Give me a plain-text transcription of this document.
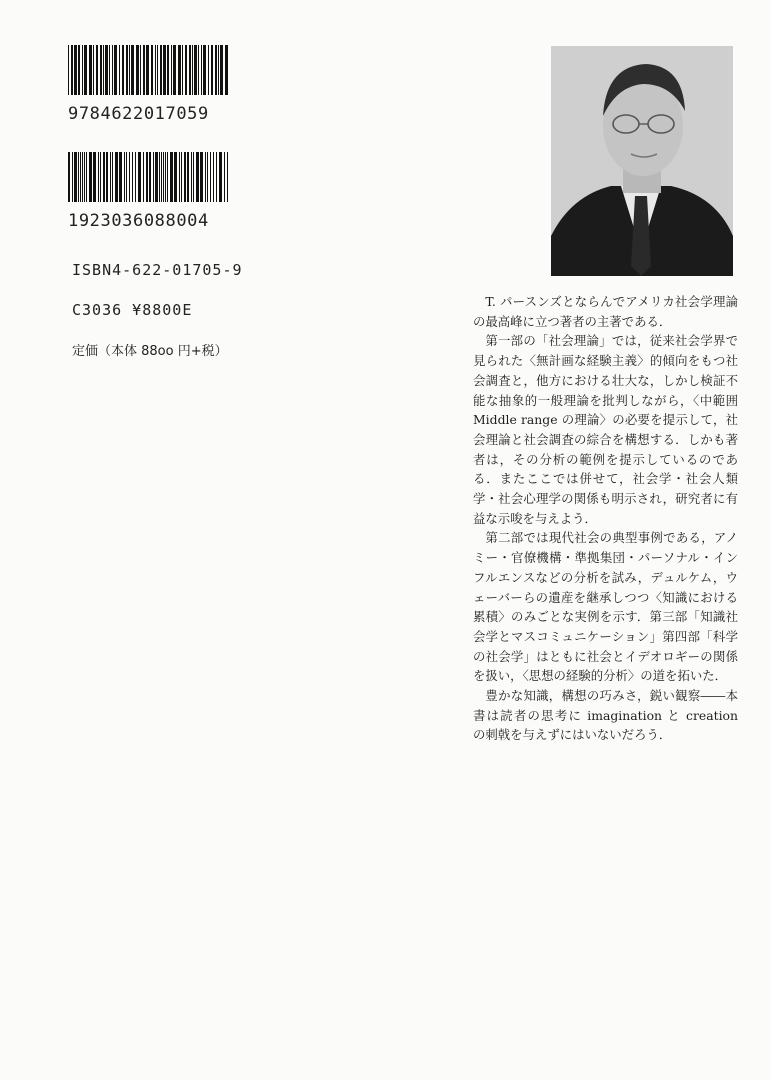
9784622017059
1923036088004
ISBN4-622-01705-9
C3036 ¥8800E
定価（本体 88oo 円+税）

T. パースンズとならんでアメリカ社会学理論の最高峰に立つ著者の主著である．

第一部の「社会理論」では，従来社会学界で見られた〈無計画な経験主義〉的傾向をもつ社会調査と，他方における壮大な，しかし検証不能な抽象的一般理論を批判しながら，〈中範囲 Middle range の理論〉の必要を提示して，社会理論と社会調査の綜合を構想する．しかも著者は，その分析の範例を提示しているのである．またここでは併せて，社会学・社会人類学・社会心理学の関係も明示され，研究者に有益な示唆を与えよう．

第二部では現代社会の典型事例である，アノミー・官僚機構・準拠集団・パーソナル・インフルエンスなどの分析を試み，デュルケム，ウェーバーらの遺産を継承しつつ〈知識における累積〉のみごとな実例を示す．第三部「知識社会学とマスコミュニケーション」第四部「科学の社会学」はともに社会とイデオロギーの関係を扱い，〈思想の経験的分析〉の道を拓いた．

豊かな知識，構想の巧みさ，鋭い観察――本書は読者の思考に imagination と creation の刺戟を与えずにはいないだろう．
